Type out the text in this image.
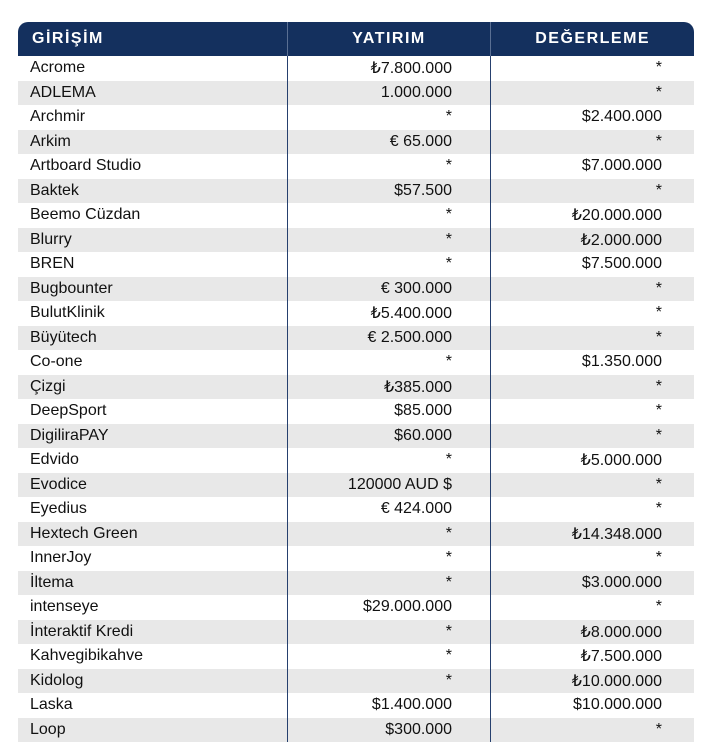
GİRİŞİM	YATIRIM	DEĞERLEME
Acrome	₺7.800.000	*
ADLEMA	1.000.000	*
Archmir	*	$2.400.000
Arkim	€ 65.000	*
Artboard Studio	*	$7.000.000
Baktek	$57.500	*
Beemo Cüzdan	*	₺20.000.000
Blurry	*	₺2.000.000
BREN	*	$7.500.000
Bugbounter	€ 300.000	*
BulutKlinik	₺5.400.000	*
Büyütech	€ 2.500.000	*
Co-one	*	$1.350.000
Çizgi	₺385.000	*
DeepSport	$85.000	*
DigiliraPAY	$60.000	*
Edvido	*	₺5.000.000
Evodice	120000 AUD $	*
Eyedius	€ 424.000	*
Hextech Green	*	₺14.348.000
InnerJoy	*	*
İltema	*	$3.000.000
intenseye	$29.000.000	*
İnteraktif Kredi	*	₺8.000.000
Kahvegibikahve	*	₺7.500.000
Kidolog	*	₺10.000.000
Laska	$1.400.000	$10.000.000
Loop	$300.000	*
